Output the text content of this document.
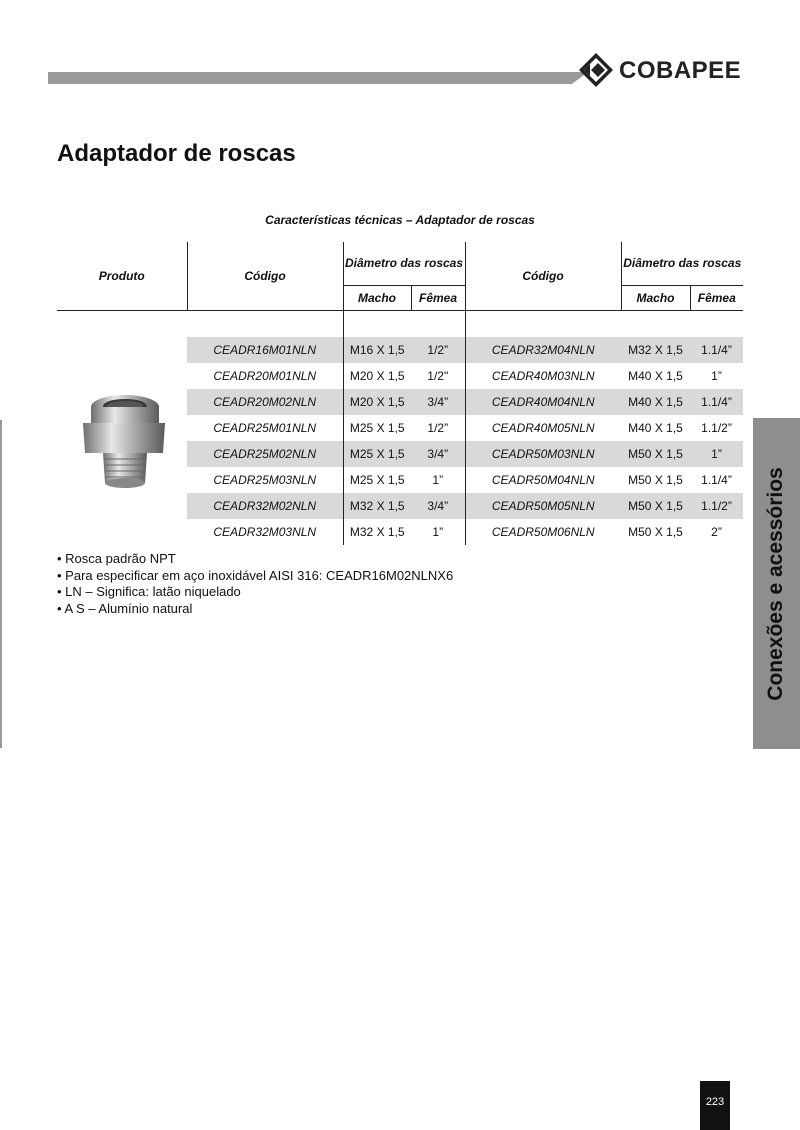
COBAPEE
Adaptador de roscas
Características técnicas – Adaptador de roscas
Produto	Código	Diâmetro das roscas		Código	Diâmetro das roscas	
		Macho	Fêmea		Macho	Fêmea

	CEADR16M01NLN	M16 X 1,5	1/2”	CEADR32M04NLN	M32 X 1,5	1.1/4”
	CEADR20M01NLN	M20 X 1,5	1/2"	CEADR40M03NLN	M40 X 1,5	1”
	CEADR20M02NLN	M20 X 1,5	3/4”	CEADR40M04NLN	M40 X 1,5	1.1/4”
	CEADR25M01NLN	M25 X 1,5	1/2”	CEADR40M05NLN	M40 X 1,5	1.1/2”
	CEADR25M02NLN	M25 X 1,5	3/4”	CEADR50M03NLN	M50 X 1,5	1”
	CEADR25M03NLN	M25 X 1,5	1”	CEADR50M04NLN	M50 X 1,5	1.1/4”
	CEADR32M02NLN	M32 X 1,5	3/4”	CEADR50M05NLN	M50 X 1,5	1.1/2”
	CEADR32M03NLN	M32 X 1,5	1”	CEADR50M06NLN	M50 X 1,5	2”
• Rosca padrão NPT
• Para especificar em aço inoxidável AISI 316: CEADR16M02NLNX6
• LN – Significa: latão niquelado
• A S – Alumínio natural	Conexões e acessórios
223
